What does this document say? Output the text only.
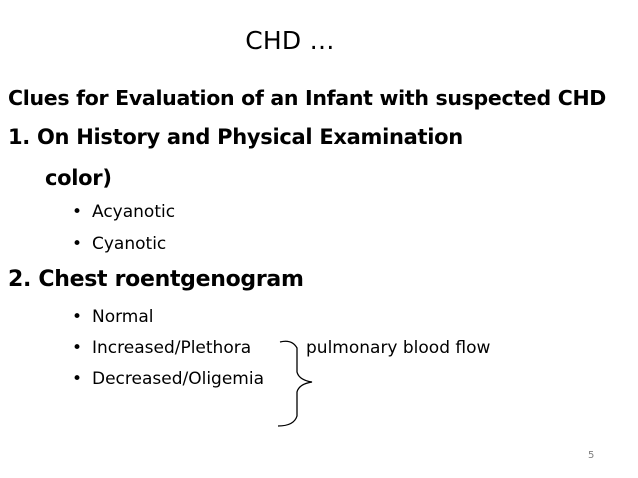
CHD …
Clues for Evaluation of an Infant with suspected CHD
1. On History and Physical Examination
color)
• Acyanotic
• Cyanotic
2. Chest roentgenogram
• Normal
• Increased/Plethora
• Decreased/Oligemia
pulmonary blood flow
5
